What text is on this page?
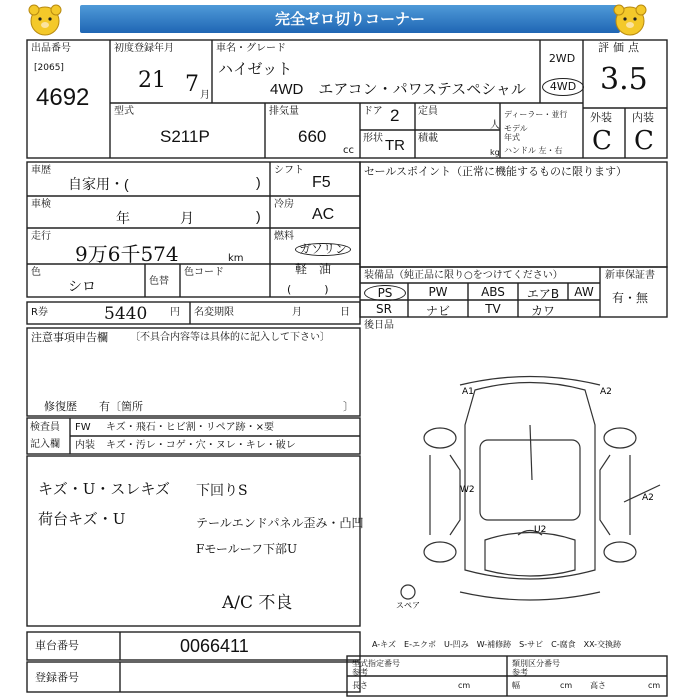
完全ゼロ切りコーナー
出品番号
[2065]
4692
初度登録年月
21 7 月
車名・グレード
ハイゼット
4WD　エアコン・パワステスペシャル
2WD
4WD
評価点
3.5
型式
S211P
排気量
660
cc
ドア 2 定員
人
形状 TR 積載
kg
ディーラー・並行
モデル
年式
ハンドル 左・右
外装 内装
C C
車歴
自家用・(	)
シフト
F5
車検
年	月	)
冷房
AC
走行
9万6千574	km
燃料
ガソリン
軽　油
(　　　)
色
シロ	色替
色コード
セールスポイント（正常に機能するものに限ります）
装備品（純正品に限り○をつけてください）	新車保証書
有・無
PS	PW	ABS	エアB	AW
SR	ナビ	TV	カワ
後日品
R券	5440 円 名変期限	月	日
注意事項申告欄 〔不具合内容等は具体的に記入して下さい〕
修復歴　　有〔箇所	〕
検査員
記入欄
FW キズ・飛石・ヒビ割・リペア跡・×要
内装 キズ・汚レ・コゲ・穴・ヌレ・キレ・破レ
キズ・U・スレキズ
荷台キズ・U
下回りS
テールエンドパネル歪み・凸凹
Fモールーフ下部U
A/C 不良
A1	A2
W2
U2
A2
スペア
A-キズ　E-エクボ　U-凹み　W-補修跡　S-サビ　C-腐食　XX-交換跡
車台番号	0066411
登録番号
型式指定番号	類別区分番号
参考	参考
長さ	cm	幅	cm 高さ	cm
